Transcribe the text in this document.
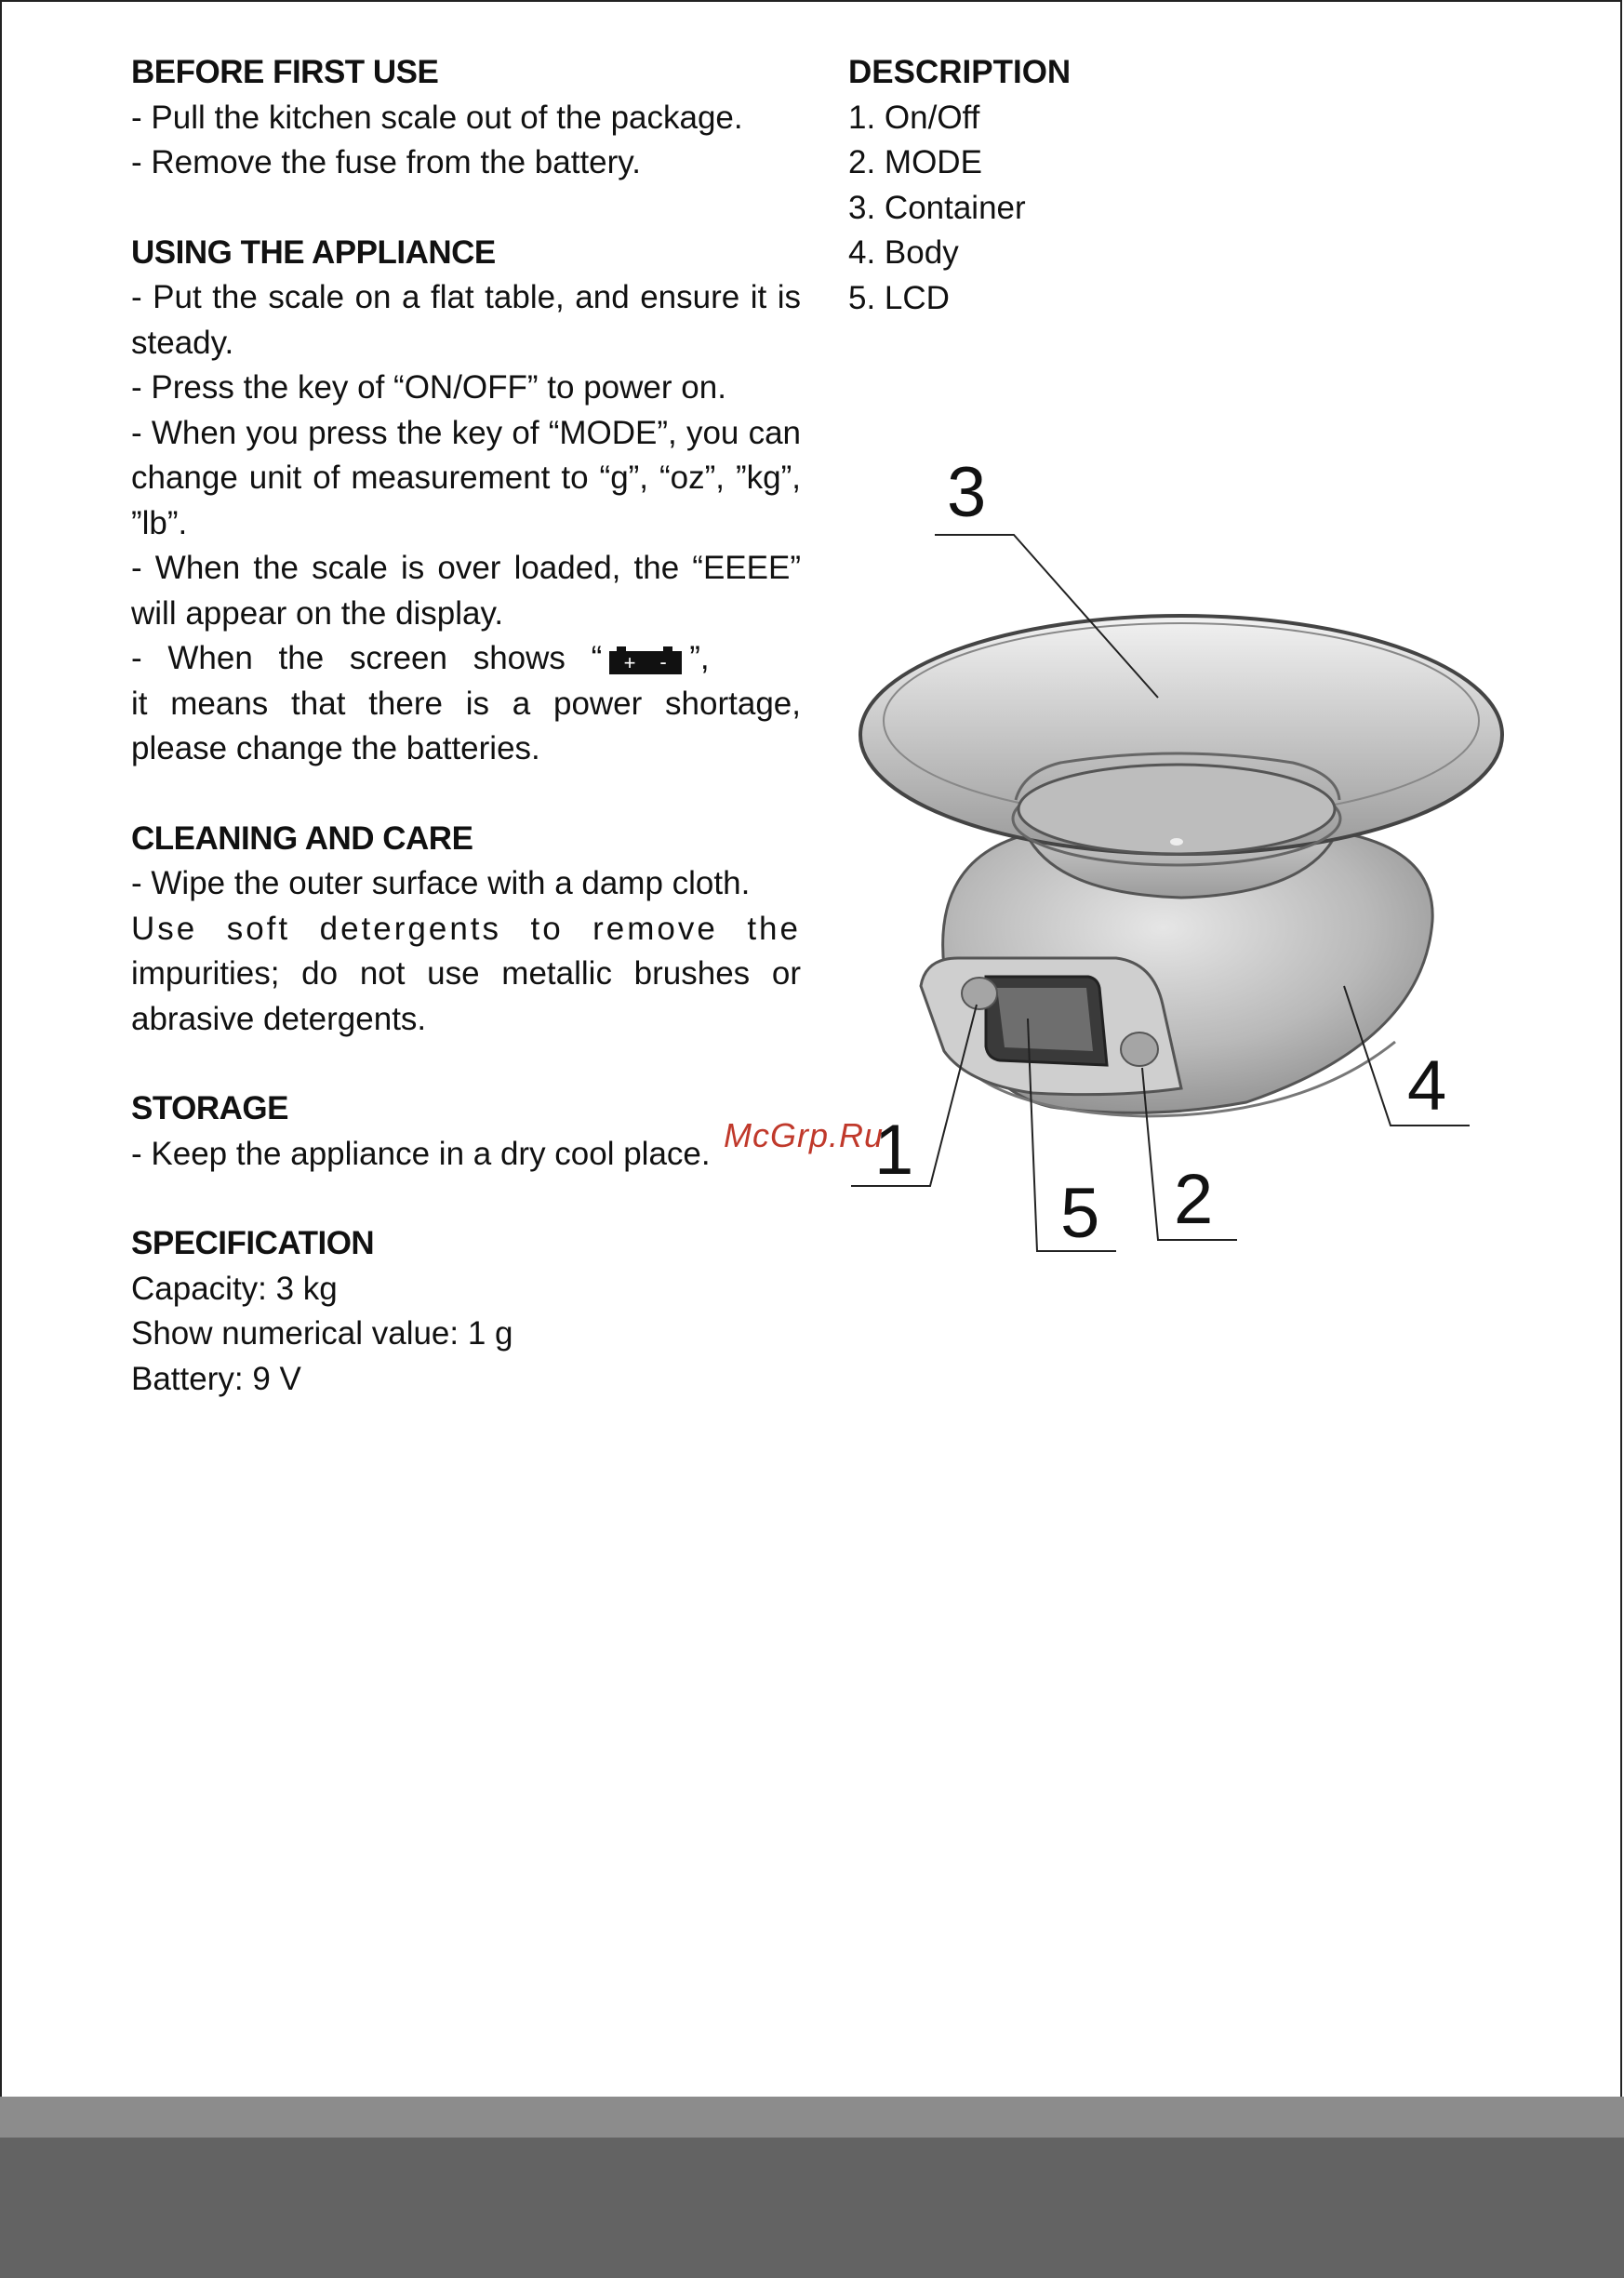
BEFORE FIRST USE

- Pull the kitchen scale out of the package.

- Remove the fuse from the battery.

USING THE APPLIANCE

- Put the scale on a flat table, and ensure it is steady.

- Press the key of “ON/OFF” to power on.

- When you press the key of “MODE”, you can change unit of measurement to “g”, “oz”, ”kg”, ”lb”.

- When the scale is over loaded, the “EEEE” will appear on the display.

- When the screen shows “ + - ”,

it means that there is a power shortage, please change the batteries.

CLEANING AND CARE

- Wipe the outer surface with a damp cloth.

Use soft detergents to remove the

impurities; do not use metallic brushes or abrasive detergents.

STORAGE

- Keep the appliance in a dry cool place.

SPECIFICATION

Capacity: 3 kg

Show numerical value: 1 g

Battery: 9 V

DESCRIPTION
1. On/Off
2. MODE
3. Container
4. Body
5. LCD
3
4
1
5 2
McGrp.Ru
